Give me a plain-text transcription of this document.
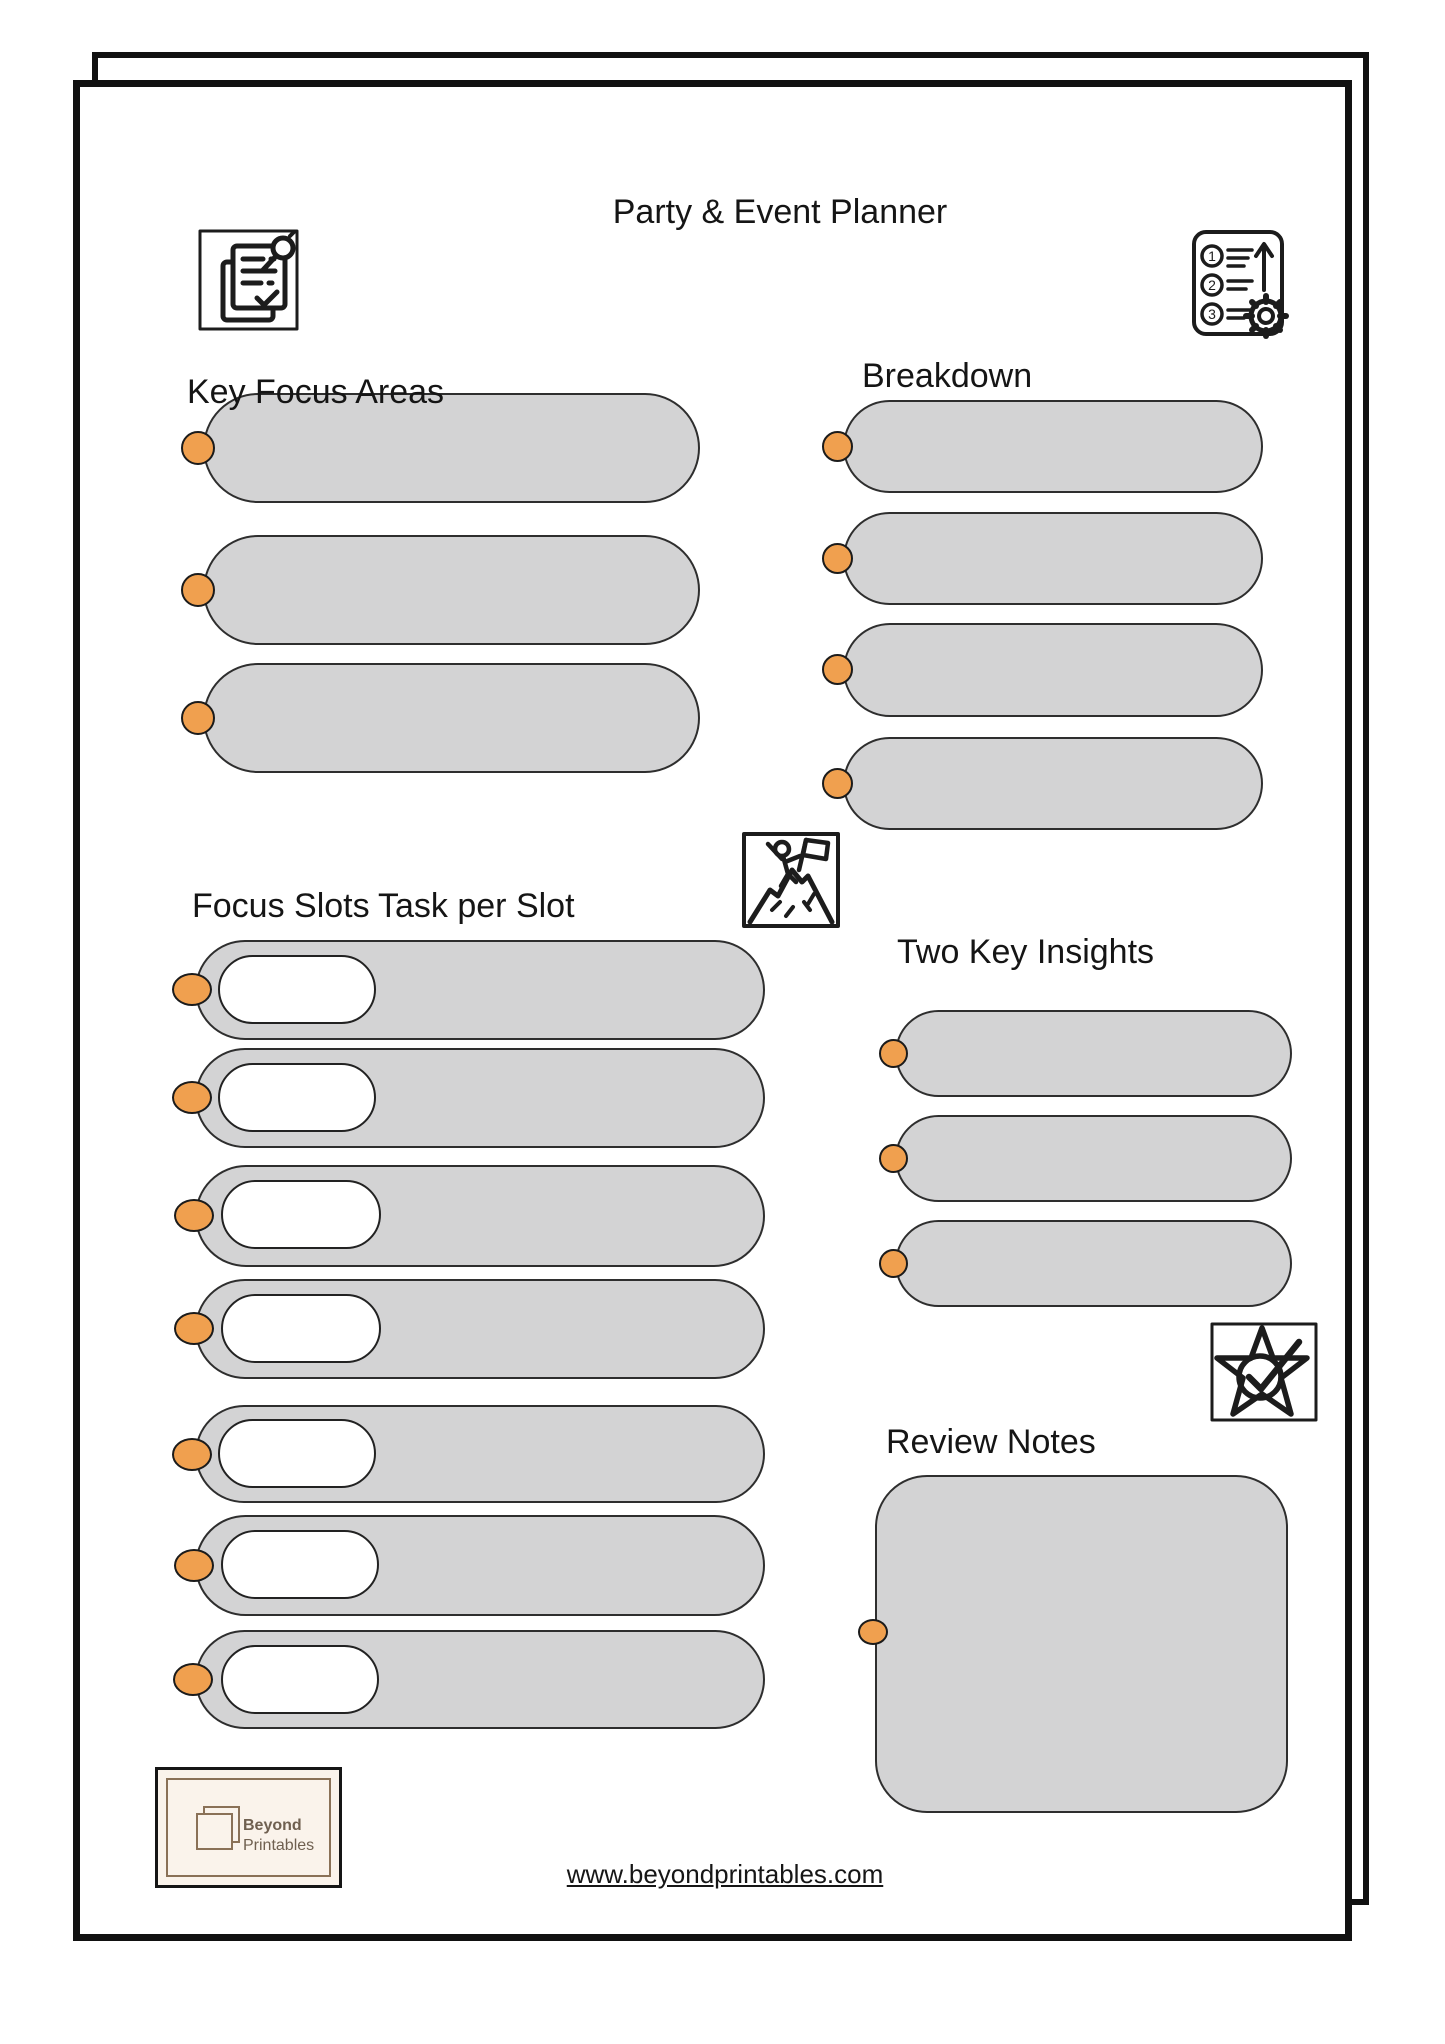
Party & Event Planner
1
2
3
Key Focus Areas	Breakdown
Focus Slots Task per Slot
Two Key Insights
Review Notes
Beyond
Printables
www.beyondprintables.com
